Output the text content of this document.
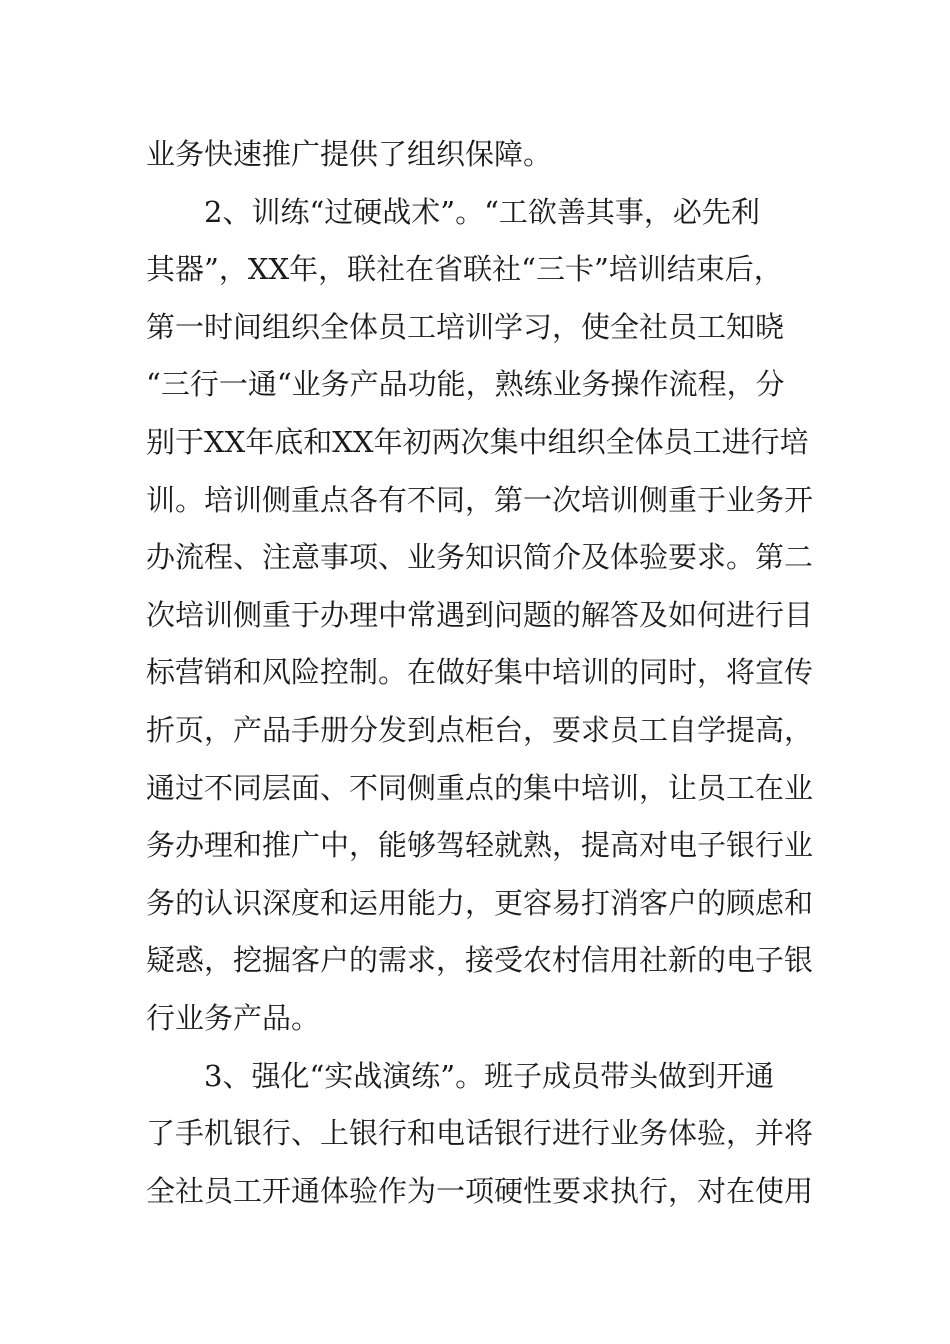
业务快速推广提供了组织保障。
2、训练“过硬战术”。“工欲善其事，必先利
其器”，XX年，联社在省联社“三卡”培训结束后，
第一时间组织全体员工培训学习，使全社员工知晓
“三行一通“业务产品功能，熟练业务操作流程，分
别于XX年底和XX年初两次集中组织全体员工进行培
训。培训侧重点各有不同，第一次培训侧重于业务开
办流程、注意事项、业务知识简介及体验要求。第二
次培训侧重于办理中常遇到问题的解答及如何进行目
标营销和风险控制。在做好集中培训的同时，将宣传
折页，产品手册分发到点柜台，要求员工自学提高，
通过不同层面、不同侧重点的集中培训，让员工在业
务办理和推广中，能够驾轻就熟，提高对电子银行业
务的认识深度和运用能力，更容易打消客户的顾虑和
疑惑，挖掘客户的需求，接受农村信用社新的电子银
行业务产品。
3、强化“实战演练”。班子成员带头做到开通
了手机银行、上银行和电话银行进行业务体验，并将
全社员工开通体验作为一项硬性要求执行，对在使用
